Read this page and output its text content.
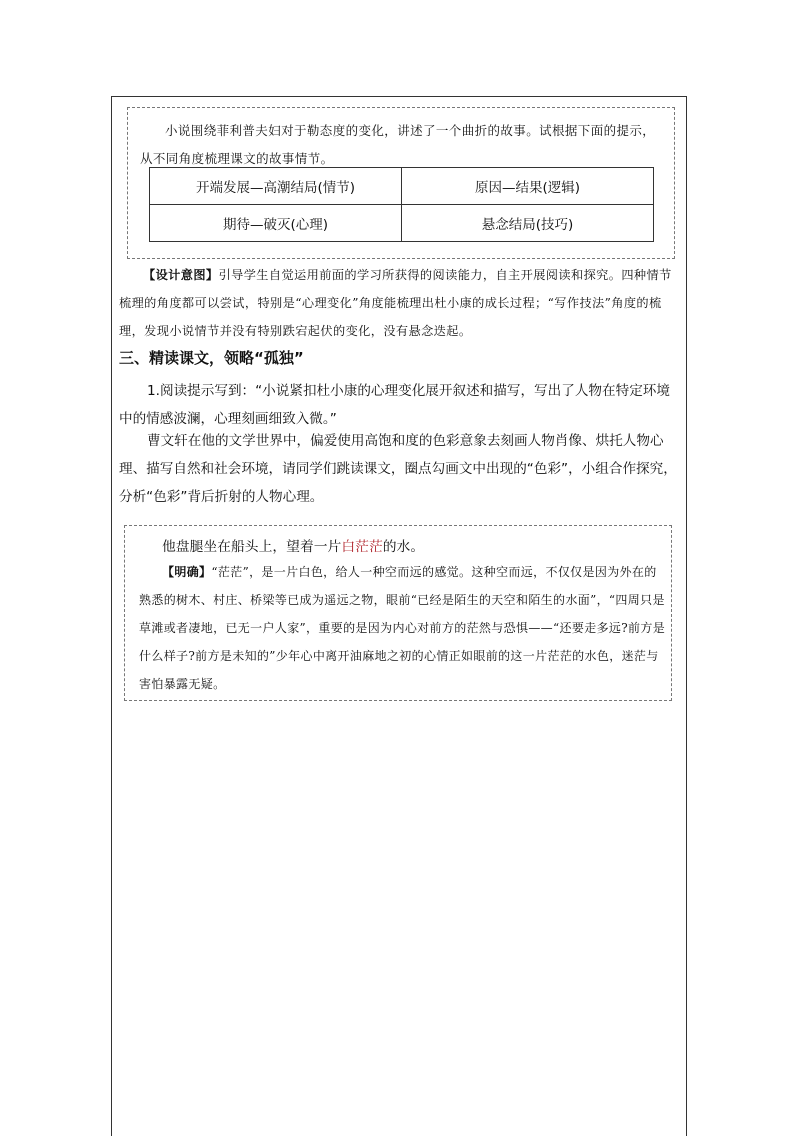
小说围绕菲利普夫妇对于勒态度的变化，讲述了一个曲折的故事。试根据下面的提示，从不同角度梳理课文的故事情节。
开端发展—高潮结局(情节)	原因—结果(逻辑)
期待—破灭(心理)	悬念结局(技巧)
【设计意图】引导学生自觉运用前面的学习所获得的阅读能力，自主开展阅读和探究。四种情节梳理的角度都可以尝试，特别是“心理变化”角度能梳理出杜小康的成长过程；“写作技法”角度的梳理，发现小说情节并没有特别跌宕起伏的变化，没有悬念迭起。
三、精读课文，领略“孤独”
1.阅读提示写到：“小说紧扣杜小康的心理变化展开叙述和描写，写出了人物在特定环境中的情感波澜，心理刻画细致入微。”
曹文轩在他的文学世界中，偏爱使用高饱和度的色彩意象去刻画人物肖像、烘托人物心理、描写自然和社会环境，请同学们跳读课文，圈点勾画文中出现的“色彩”，小组合作探究，分析“色彩”背后折射的人物心理。
他盘腿坐在船头上，望着一片白茫茫的水。
【明确】“茫茫”，是一片白色，给人一种空而远的感觉。这种空而远，不仅仅是因为外在的熟悉的树木、村庄、桥梁等已成为遥远之物，眼前“已经是陌生的天空和陌生的水面”，“四周只是草滩或者凄地，已无一户人家”，重要的是因为内心对前方的茫然与恐惧——“还要走多远?前方是什么样子?前方是未知的”少年心中离开油麻地之初的心情正如眼前的这一片茫茫的水色，迷茫与害怕暴露无疑。
